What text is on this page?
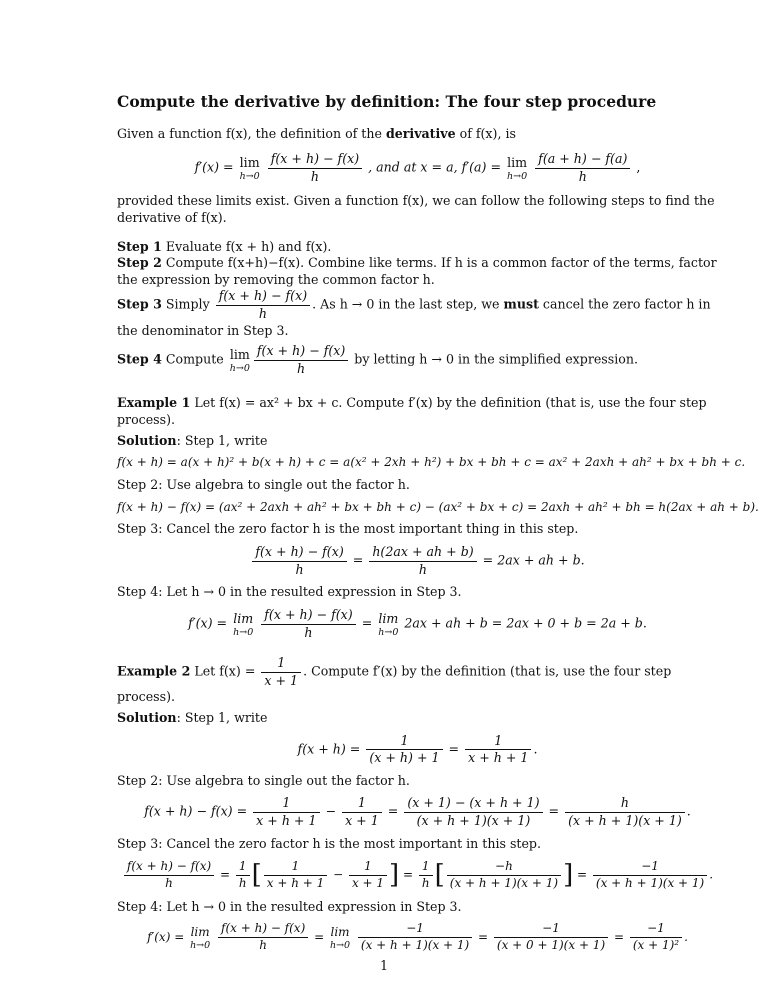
Compute the derivative by definition: The four step procedure

Given a function f(x), the definition of the derivative of f(x), is

f′(x) = lim
h→0
$\frac{f(x + h) - f(x)}{h}$ , and at x = a, f′(a) = lim
h→0
$\frac{f(a + h) - f(a)}{h}$ ,

provided these limits exist. Given a function f(x), we can follow the following steps to find the derivative of f(x).

Step 1 Evaluate f(x + h) and f(x).

Step 2 Compute f(x+h)−f(x). Combine like terms. If h is a common factor of the terms, factor the expression by removing the common factor h.

Step 3 Simply $\frac{f(x + h) - f(x)}{h}$ . As h → 0 in the last step, we must cancel the zero factor h in the denominator in Step 3.

Step 4 Compute lim
$h\to 0 \frac{f(x + h) - f(x)}{h}$ by letting h → 0 in the simplified expression.

Example 1 Let f(x) = ax² + bx + c. Compute f′(x) by the definition (that is, use the four step process).

Solution: Step 1, write

f(x + h) = a(x + h)² + b(x + h) + c = a(x² + 2xh + h²) + bx + bh + c = ax² + 2axh + ah² + bx + bh + c.

Step 2: Use algebra to single out the factor h.

f(x + h) − f(x) = (ax² + 2axh + ah² + bx + bh + c) − (ax² + bx + c) = 2axh + ah² + bh = h(2ax + ah + b).

Step 3: Cancel the zero factor h is the most important thing in this step.

$\frac{f(x + h) - f(x)}{h} = \frac{h(2ax + ah + b)}{h} = 2ax$ + ah + b.

Step 4: Let h → 0 in the resulted expression in Step 3.

f′(x) = lim
h→0
$\frac{f(x + h) - f(x)}{h} = \lim$
h→0
2ax + ah + b = 2ax + 0 + b = 2a + b.

Example 2 Let $f(x) = \frac{1}{x + 1}$ . Compute f′(x) by the definition (that is, use the four step process).

Solution: Step 1, write

$f(x + h) = \frac{1}{(x + h) + 1} = \frac{1}{x + h + 1}$ .

Step 2: Use algebra to single out the factor h.

$f(x + h) - f(x) = \frac{1}{x + h + 1} - \frac{1}{x + 1} = \frac{(x + 1) - (x + h + 1)}{(x + h + 1)(x + 1)} = \frac{h}{(x + h + 1)(x + 1)}$ .

Step 3: Cancel the zero factor h is the most important in this step.

$\frac{f(x + h) - f(x)}{h} = \frac{1}{h}$ [ $\frac{1}{x + h + 1} - \frac{1}{x + 1}$ ] = $\frac{1}{h}$ [ $\frac{-h}{(x + h + 1)(x + 1)}$ ] = $\frac{-1}{(x + h + 1)(x + 1)}$ .

Step 4: Let h → 0 in the resulted expression in Step 3.

f′(x) = lim
h→0
$\frac{f(x + h) - f(x)}{h} = \lim$
h→0
$\frac{-1}{(x + h + 1)(x + 1)} = \frac{-1}{(x + 0 + 1)(x + 1)} = \frac{-1}{\text{(x + 1)²}}$ .
1
